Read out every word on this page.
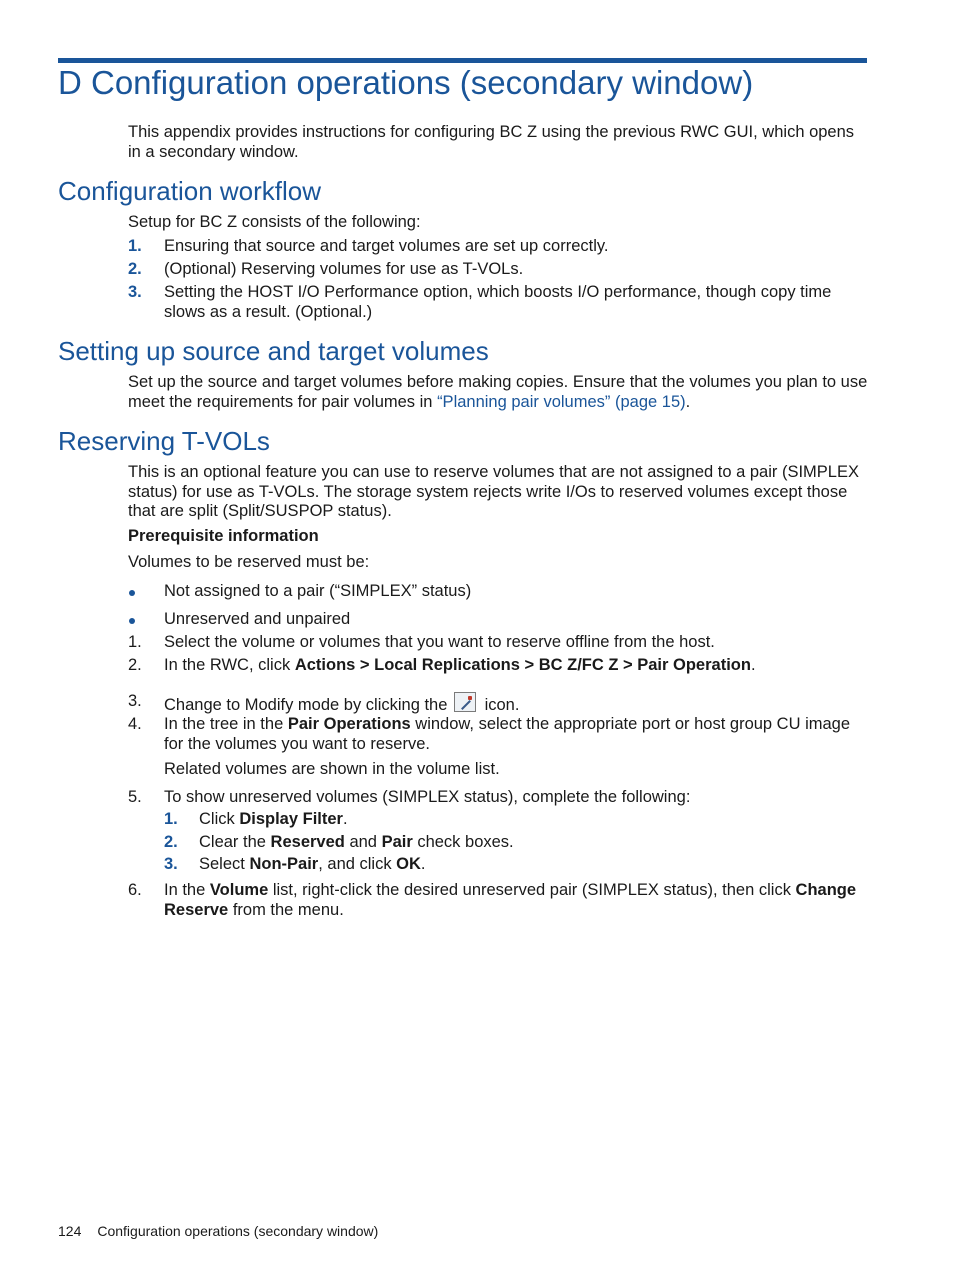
D Configuration operations (secondary window)

This appendix provides instructions for configuring BC Z using the previous RWC GUI, which opens in a secondary window.

Configuration workflow

Setup for BC Z consists of the following:

1. Ensuring that source and target volumes are set up correctly.
2. (Optional) Reserving volumes for use as T-VOLs.
3. Setting the HOST I/O Performance option, which boosts I/O performance, though copy time slows as a result. (Optional.)
Setting up source and target volumes

Set up the source and target volumes before making copies. Ensure that the volumes you plan to use meet the requirements for pair volumes in “Planning pair volumes” (page 15).

Reserving T-VOLs

This is an optional feature you can use to reserve volumes that are not assigned to a pair (SIMPLEX status) for use as T-VOLs. The storage system rejects write I/Os to reserved volumes except those that are split (Split/SUSPOP status).

Prerequisite information

Volumes to be reserved must be:

Not assigned to a pair (“SIMPLEX” status)
Unreserved and unpaired
1. Select the volume or volumes that you want to reserve offline from the host.
2. In the RWC, click Actions > Local Replications > BC Z/FC Z > Pair Operation.
3. Change to Modify mode by clicking the icon.
4. In the tree in the Pair Operations window, select the appropriate port or host group CU image for the volumes you want to reserve.
Related volumes are shown in the volume list.
5. To show unreserved volumes (SIMPLEX status), complete the following:
1. Click Display Filter.
2. Clear the Reserved and Pair check boxes.
3. Select Non-Pair, and click OK.
6. In the Volume list, right-click the desired unreserved pair (SIMPLEX status), then click Change Reserve from the menu.
124 Configuration operations (secondary window)
